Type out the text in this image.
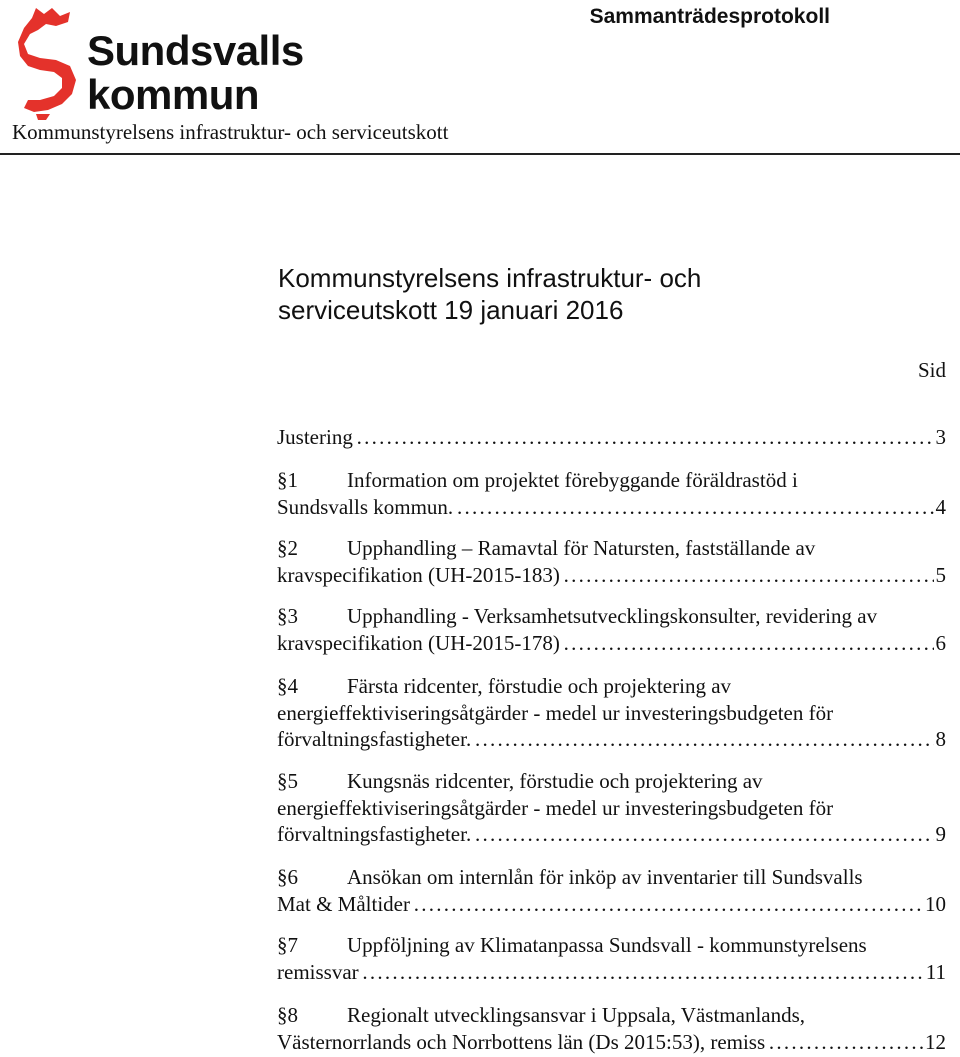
Sundsvalls
kommun
Sammanträdesprotokoll
Kommunstyrelsens infrastruktur- och serviceutskott
Kommunstyrelsens infrastruktur- och
serviceutskott 19 januari 2016
Sid
Justering . . .	3
§1 Information om projektet förebyggande föräldrastöd i
Sundsvalls kommun. . . .	4
§2 Upphandling – Ramavtal för Natursten, fastställande av
kravspecifikation (UH-2015-183) . . .	5
§3 Upphandling - Verksamhetsutvecklingskonsulter, revidering av
kravspecifikation (UH-2015-178) . . .	6
§4 Färsta ridcenter, förstudie och projektering av
energieffektiviseringsåtgärder - medel ur investeringsbudgeten för
förvaltningsfastigheter. . . .	8
§5 Kungsnäs ridcenter, förstudie och projektering av
energieffektiviseringsåtgärder - medel ur investeringsbudgeten för
förvaltningsfastigheter. . . .	9
§6 Ansökan om internlån för inköp av inventarier till Sundsvalls
Mat & Måltider . . .	10
§7 Uppföljning av Klimatanpassa Sundsvall - kommunstyrelsens
remissvar . . .	11
§8 Regionalt utvecklingsansvar i Uppsala, Västmanlands,
Västernorrlands och Norrbottens län (Ds 2015:53), remiss . . .	12
